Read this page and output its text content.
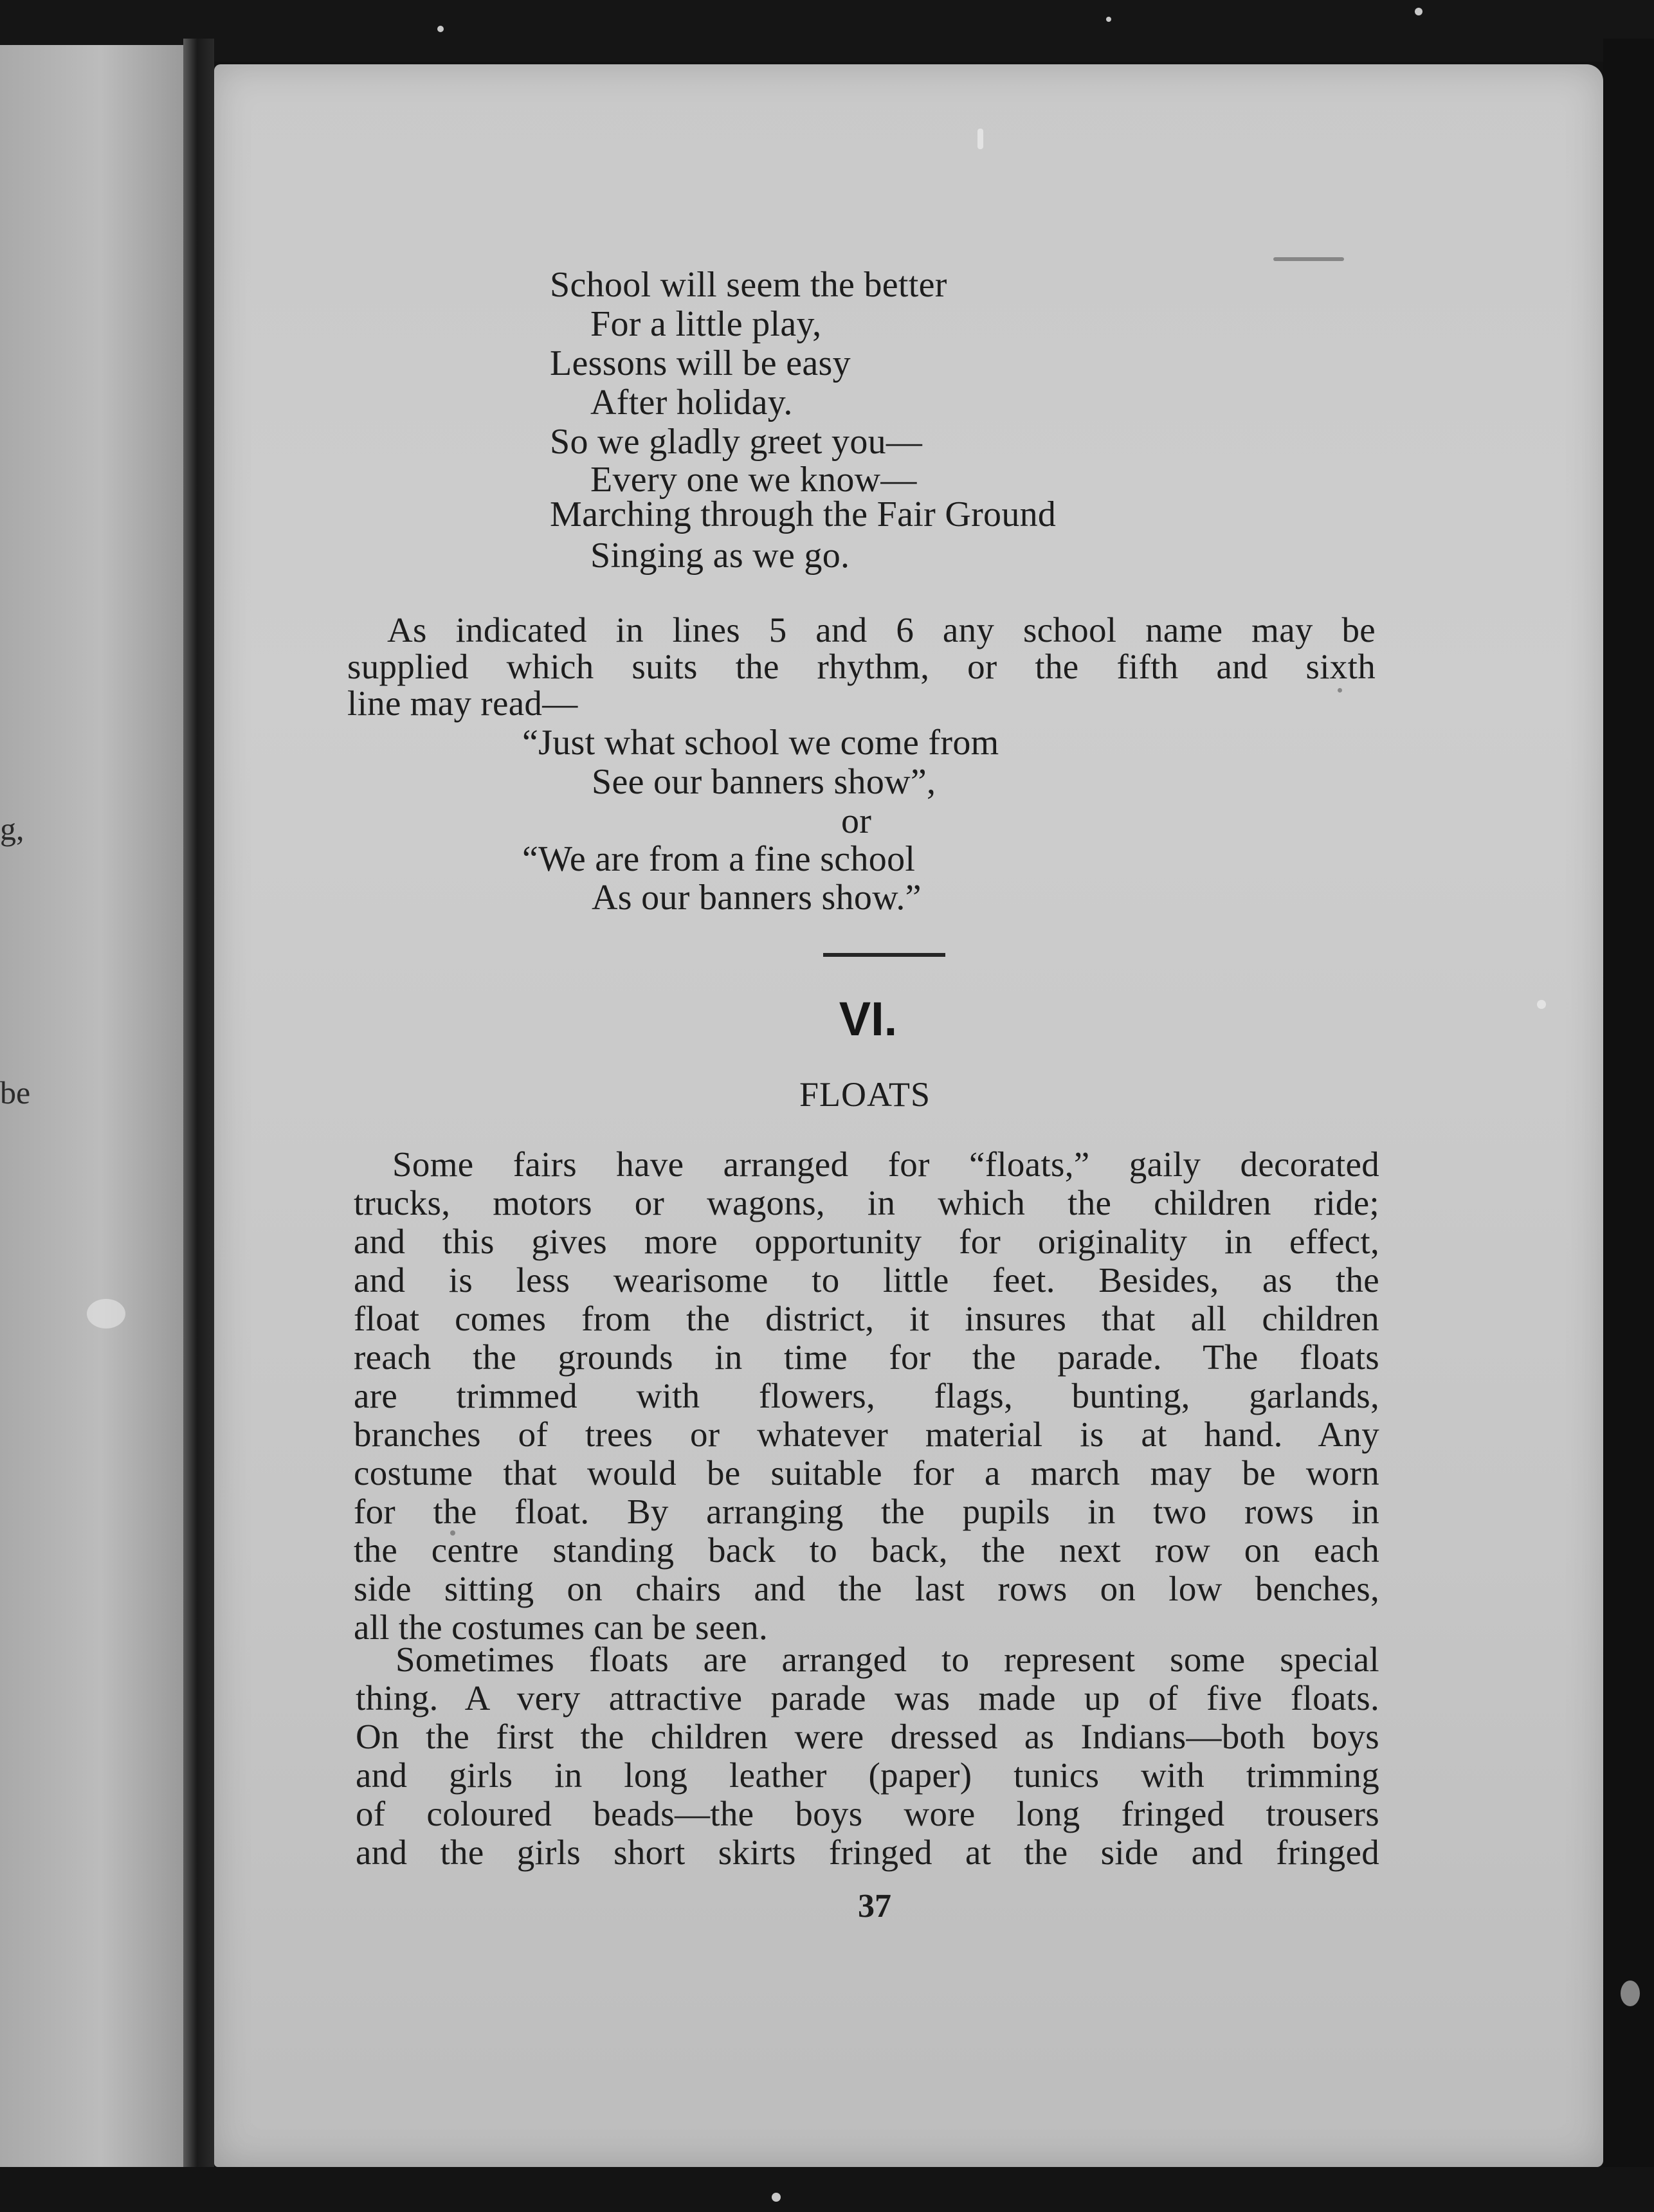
g,
be
School will seem the better
For a little play,
Lessons will be easy
After holiday.
So we gladly greet you—
Every one we know—
Marching through the Fair Ground
Singing as we go.
As indicated in lines 5 and 6 any school name may be
supplied which suits the rhythm, or the fifth and sixth
line may read—
“Just what school we come from
See our banners show”,
or
“We are from a fine school
As our banners show.”
VI.
FLOATS
Some fairs have arranged for “floats,” gaily decorated
trucks, motors or wagons, in which the children ride;
and this gives more opportunity for originality in effect,
and is less wearisome to little feet. Besides, as the
float comes from the district, it insures that all children
reach the grounds in time for the parade. The floats
are trimmed with flowers, flags, bunting, garlands,
branches of trees or whatever material is at hand. Any
costume that would be suitable for a march may be worn
for the float. By arranging the pupils in two rows in
the centre standing back to back, the next row on each
side sitting on chairs and the last rows on low benches,
all the costumes can be seen.
Sometimes floats are arranged to represent some special
thing. A very attractive parade was made up of five floats.
On the first the children were dressed as Indians—both boys
and girls in long leather (paper) tunics with trimming
of coloured beads—the boys wore long fringed trousers
and the girls short skirts fringed at the side and fringed
37
